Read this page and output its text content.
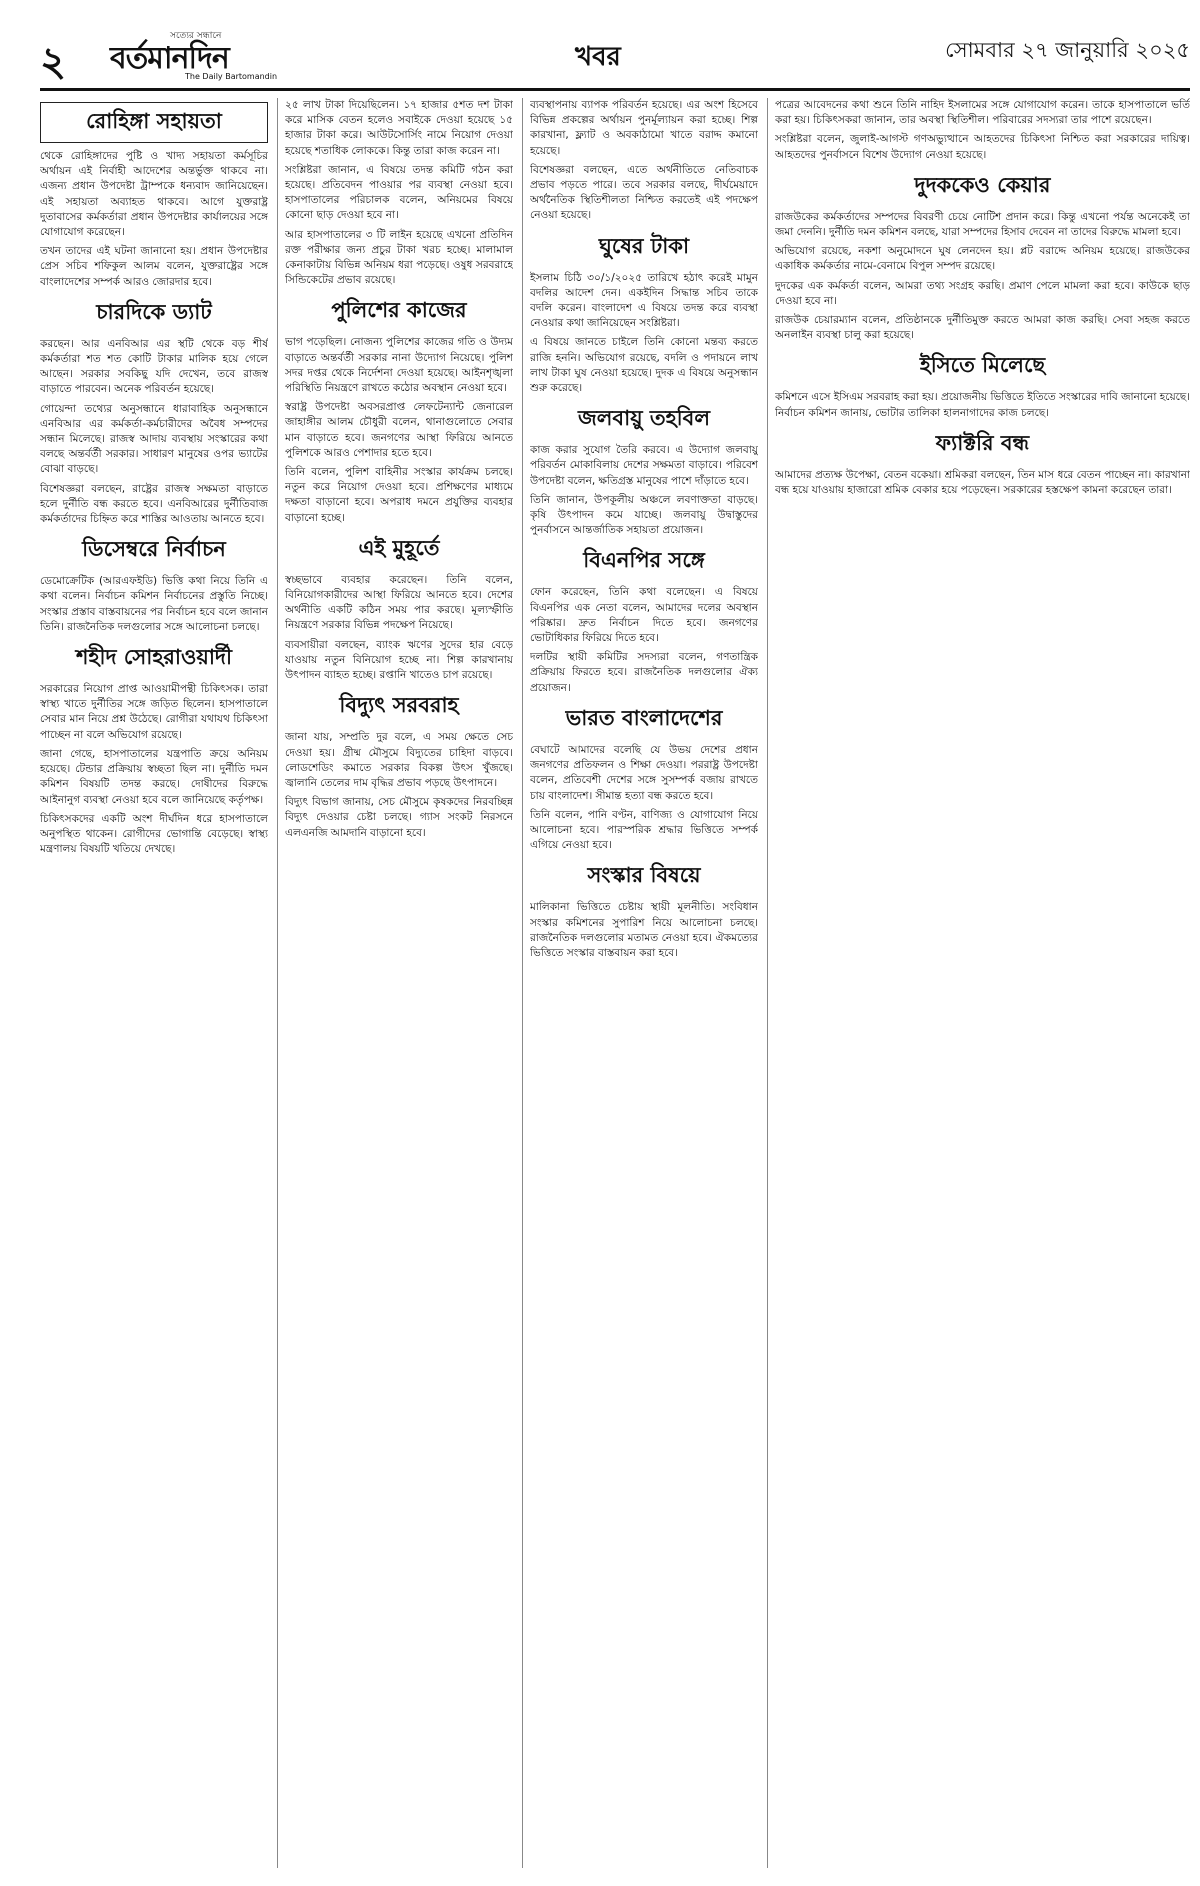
২
সত্যের সন্ধানে
বর্তমানদিন
The Daily Bartomandin
খবর	সোমবার ২৭ জানুয়ারি ২০২৫
রোহিঙ্গা সহায়তা
থেকে রোহিঙ্গাদের পুষ্টি ও খাদ্য সহায়তা কর্মসূচির অর্থায়ন এই নির্বাহী আদেশের অন্তর্ভুক্ত থাকবে না। এজন্য প্রধান উপদেষ্টা ট্রাম্পকে ধন্যবাদ জানিয়েছেন। এই সহায়তা অব্যাহত থাকবে। আগে যুক্তরাষ্ট্র দুতাবাসের কর্মকর্তারা প্রধান উপদেষ্টার কার্যালয়ের সঙ্গে যোগাযোগ করেছেন।
তখন তাদের এই ঘটনা জানানো হয়। প্রধান উপদেষ্টার প্রেস সচিব শফিকুল আলম বলেন, যুক্তরাষ্ট্রের সঙ্গে বাংলাদেশের সম্পর্ক আরও জোরদার হবে।
চারদিকে ড্যাট
করছেন। আর এনবিআর এর স্থটি থেকে বড় শীর্ষ কর্মকর্তারা শত শত কোটি টাকার মালিক হয়ে গেলে আছেন। সরকার সবকিছু যদি দেখেন, তবে রাজস্ব বাড়াতে পারবেন। অনেক পরিবর্তন হয়েছে।
গোয়েন্দা তথ্যের অনুসন্ধানে ধারাবাহিক অনুসন্ধানে এনবিআর এর কর্মকর্তা-কর্মচারীদের অবৈধ সম্পদের সন্ধান মিলেছে। রাজস্ব আদায় ব্যবস্থায় সংস্কারের কথা বলছে অন্তর্বর্তী সরকার। সাধারণ মানুষের ওপর ভ্যাটের বোঝা বাড়ছে।
বিশেষজ্ঞরা বলছেন, রাষ্ট্রের রাজস্ব সক্ষমতা বাড়াতে হলে দুর্নীতি বন্ধ করতে হবে। এনবিআরের দুর্নীতিবাজ কর্মকর্তাদের চিহ্নিত করে শাস্তির আওতায় আনতে হবে।
ডিসেম্বরে নির্বাচন
ডেমোক্রেটিক (আরএফইডি) ভিত্তি কথা নিয়ে তিনি এ কথা বলেন। নির্বাচন কমিশন নির্বাচনের প্রস্তুতি নিচ্ছে। সংস্কার প্রস্তাব বাস্তবায়নের পর নির্বাচন হবে বলে জানান তিনি। রাজনৈতিক দলগুলোর সঙ্গে আলোচনা চলছে।
শহীদ সোহরাওয়ার্দী
সরকারের নিয়োগ প্রাপ্ত আওয়ামীপন্থী চিকিৎসক। তারা স্বাস্থ্য খাতে দুর্নীতির সঙ্গে জড়িত ছিলেন। হাসপাতালে সেবার মান নিয়ে প্রশ্ন উঠেছে। রোগীরা যথাযথ চিকিৎসা পাচ্ছেন না বলে অভিযোগ রয়েছে।
জানা গেছে, হাসপাতালের যন্ত্রপাতি ক্রয়ে অনিয়ম হয়েছে। টেন্ডার প্রক্রিয়ায় স্বচ্ছতা ছিল না। দুর্নীতি দমন কমিশন বিষয়টি তদন্ত করছে। দোষীদের বিরুদ্ধে আইনানুগ ব্যবস্থা নেওয়া হবে বলে জানিয়েছে কর্তৃপক্ষ।
চিকিৎসকদের একটি অংশ দীর্ঘদিন ধরে হাসপাতালে অনুপস্থিত থাকেন। রোগীদের ভোগান্তি বেড়েছে। স্বাস্থ্য মন্ত্রণালয় বিষয়টি খতিয়ে দেখছে।
২৫ লাখ টাকা দিয়েছিলেন। ১৭ হাজার ৫শত দশ টাকা করে মাসিক বেতন হলেও সবাইকে দেওয়া হয়েছে ১৫ হাজার টাকা করে। আউটসোর্সিং নামে নিয়োগ দেওয়া হয়েছে শতাধিক লোককে। কিন্তু তারা কাজ করেন না।
সংশ্লিষ্টরা জানান, এ বিষয়ে তদন্ত কমিটি গঠন করা হয়েছে। প্রতিবেদন পাওয়ার পর ব্যবস্থা নেওয়া হবে। হাসপাতালের পরিচালক বলেন, অনিয়মের বিষয়ে কোনো ছাড় দেওয়া হবে না।
আর হাসপাতালের ৩ টি লাইন হয়েছে এখনো প্রতিদিন রক্ত পরীক্ষার জন্য প্রচুর টাকা খরচ হচ্ছে। মালামাল কেনাকাটায় বিভিন্ন অনিয়ম ধরা পড়েছে। ওষুধ সরবরাহে সিন্ডিকেটের প্রভাব রয়েছে।
পুলিশের কাজের
ভাগ পড়েছিল। নোজন্য পুলিশের কাজের গতি ও উদ্যম বাড়াতে অন্তর্বর্তী সরকার নানা উদ্যোগ নিয়েছে। পুলিশ সদর দপ্তর থেকে নির্দেশনা দেওয়া হয়েছে। আইনশৃঙ্খলা পরিস্থিতি নিয়ন্ত্রণে রাখতে কঠোর অবস্থান নেওয়া হবে।
স্বরাষ্ট্র উপদেষ্টা অবসরপ্রাপ্ত লেফটেন্যান্ট জেনারেল জাহাঙ্গীর আলম চৌধুরী বলেন, থানাগুলোতে সেবার মান বাড়াতে হবে। জনগণের আস্থা ফিরিয়ে আনতে পুলিশকে আরও পেশাদার হতে হবে।
তিনি বলেন, পুলিশ বাহিনীর সংস্কার কার্যক্রম চলছে। নতুন করে নিয়োগ দেওয়া হবে। প্রশিক্ষণের মাধ্যমে দক্ষতা বাড়ানো হবে। অপরাধ দমনে প্রযুক্তির ব্যবহার বাড়ানো হচ্ছে।
এই মুহূর্তে
স্বচ্ছভাবে ব্যবহার করেছেন। তিনি বলেন, বিনিয়োগকারীদের আস্থা ফিরিয়ে আনতে হবে। দেশের অর্থনীতি একটি কঠিন সময় পার করছে। মূল্যস্ফীতি নিয়ন্ত্রণে সরকার বিভিন্ন পদক্ষেপ নিয়েছে।
ব্যবসায়ীরা বলছেন, ব্যাংক ঋণের সুদের হার বেড়ে যাওয়ায় নতুন বিনিয়োগ হচ্ছে না। শিল্প কারখানায় উৎপাদন ব্যাহত হচ্ছে। রপ্তানি খাতেও চাপ রয়েছে।
বিদ্যুৎ সরবরাহ
জানা যায়, সম্প্রতি দুর বলে, এ সময় ক্ষেতে সেচ দেওয়া হয়। গ্রীষ্ম মৌসুমে বিদ্যুতের চাহিদা বাড়বে। লোডশেডিং কমাতে সরকার বিকল্প উৎস খুঁজছে। জ্বালানি তেলের দাম বৃদ্ধির প্রভাব পড়ছে উৎপাদনে।
বিদ্যুৎ বিভাগ জানায়, সেচ মৌসুমে কৃষকদের নিরবচ্ছিন্ন বিদ্যুৎ দেওয়ার চেষ্টা চলছে। গ্যাস সংকট নিরসনে এলএনজি আমদানি বাড়ানো হবে।
ব্যবস্থাপনায় ব্যাপক পরিবর্তন হয়েছে। এর অংশ হিসেবে বিভিন্ন প্রকল্পের অর্থায়ন পুনর্মূল্যায়ন করা হচ্ছে। শিল্প কারখানা, ফ্ল্যাট ও অবকাঠামো খাতে বরাদ্দ কমানো হয়েছে।
বিশেষজ্ঞরা বলছেন, এতে অর্থনীতিতে নেতিবাচক প্রভাব পড়তে পারে। তবে সরকার বলছে, দীর্ঘমেয়াদে অর্থনৈতিক স্থিতিশীলতা নিশ্চিত করতেই এই পদক্ষেপ নেওয়া হয়েছে।
ঘুষের টাকা
ইসলাম চিঠি ৩০/১/২০২৫ তারিখে হঠাৎ করেই মামুন বদলির আদেশ দেন। একইদিন সিদ্ধান্ত সচিব তাকে বদলি করেন। বাংলাদেশ এ বিষয়ে তদন্ত করে ব্যবস্থা নেওয়ার কথা জানিয়েছেন সংশ্লিষ্টরা।
এ বিষয়ে জানতে চাইলে তিনি কোনো মন্তব্য করতে রাজি হননি। অভিযোগ রয়েছে, বদলি ও পদায়নে লাখ লাখ টাকা ঘুষ নেওয়া হয়েছে। দুদক এ বিষয়ে অনুসন্ধান শুরু করেছে।
জলবায়ু তহবিল
কাজ করার সুযোগ তৈরি করবে। এ উদ্যোগ জলবায়ু পরিবর্তন মোকাবিলায় দেশের সক্ষমতা বাড়াবে। পরিবেশ উপদেষ্টা বলেন, ক্ষতিগ্রস্ত মানুষের পাশে দাঁড়াতে হবে।
তিনি জানান, উপকূলীয় অঞ্চলে লবণাক্ততা বাড়ছে। কৃষি উৎপাদন কমে যাচ্ছে। জলবায়ু উদ্বাস্তুদের পুনর্বাসনে আন্তর্জাতিক সহায়তা প্রয়োজন।
বিএনপির সঙ্গে
ফোন করেছেন, তিনি কথা বলেছেন। এ বিষয়ে বিএনপির এক নেতা বলেন, আমাদের দলের অবস্থান পরিষ্কার। দ্রুত নির্বাচন দিতে হবে। জনগণের ভোটাধিকার ফিরিয়ে দিতে হবে।
দলটির স্থায়ী কমিটির সদস্যরা বলেন, গণতান্ত্রিক প্রক্রিয়ায় ফিরতে হবে। রাজনৈতিক দলগুলোর ঐক্য প্রয়োজন।
ভারত বাংলাদেশের
বেঘাটে আমাদের বলেছি যে উভয় দেশের প্রধান জনগণের প্রতিফলন ও শিক্ষা দেওয়া। পররাষ্ট্র উপদেষ্টা বলেন, প্রতিবেশী দেশের সঙ্গে সুসম্পর্ক বজায় রাখতে চায় বাংলাদেশ। সীমান্ত হত্যা বন্ধ করতে হবে।
তিনি বলেন, পানি বণ্টন, বাণিজ্য ও যোগাযোগ নিয়ে আলোচনা হবে। পারস্পরিক শ্রদ্ধার ভিত্তিতে সম্পর্ক এগিয়ে নেওয়া হবে।
সংস্কার বিষয়ে
মালিকানা ভিত্তিতে চেষ্টায় স্থায়ী মূলনীতি। সংবিধান সংস্কার কমিশনের সুপারিশ নিয়ে আলোচনা চলছে। রাজনৈতিক দলগুলোর মতামত নেওয়া হবে। ঐকমত্যের ভিত্তিতে সংস্কার বাস্তবায়ন করা হবে।
পত্রের আবেদনের কথা শুনে তিনি নাহিদ ইসলামের সঙ্গে যোগাযোগ করেন। তাকে হাসপাতালে ভর্তি করা হয়। চিকিৎসকরা জানান, তার অবস্থা স্থিতিশীল। পরিবারের সদস্যরা তার পাশে রয়েছেন।
সংশ্লিষ্টরা বলেন, জুলাই-আগস্ট গণঅভ্যুত্থানে আহতদের চিকিৎসা নিশ্চিত করা সরকারের দায়িত্ব। আহতদের পুনর্বাসনে বিশেষ উদ্যোগ নেওয়া হয়েছে।
দুদককেও কেয়ার
রাজউকের কর্মকর্তাদের সম্পদের বিবরণী চেয়ে নোটিশ প্রদান করে। কিন্তু এখনো পর্যন্ত অনেকেই তা জমা দেননি। দুর্নীতি দমন কমিশন বলছে, যারা সম্পদের হিসাব দেবেন না তাদের বিরুদ্ধে মামলা হবে।
অভিযোগ রয়েছে, নকশা অনুমোদনে ঘুষ লেনদেন হয়। প্লট বরাদ্দে অনিয়ম হয়েছে। রাজউকের একাধিক কর্মকর্তার নামে-বেনামে বিপুল সম্পদ রয়েছে।
দুদকের এক কর্মকর্তা বলেন, আমরা তথ্য সংগ্রহ করছি। প্রমাণ পেলে মামলা করা হবে। কাউকে ছাড় দেওয়া হবে না।
রাজউক চেয়ারম্যান বলেন, প্রতিষ্ঠানকে দুর্নীতিমুক্ত করতে আমরা কাজ করছি। সেবা সহজ করতে অনলাইন ব্যবস্থা চালু করা হয়েছে।
ইসিতে মিলেছে
কমিশনে এসে ইসিএম সরবরাহ করা হয়। প্রয়োজনীয় ভিত্তিতে ইতিতে সংস্কারের দাবি জানানো হয়েছে। নির্বাচন কমিশন জানায়, ভোটার তালিকা হালনাগাদের কাজ চলছে।
ফ্যাক্টরি বন্ধ
আমাদের প্রত্যক্ষ উপেক্ষা, বেতন বকেয়া। শ্রমিকরা বলছেন, তিন মাস ধরে বেতন পাচ্ছেন না। কারখানা বন্ধ হয়ে যাওয়ায় হাজারো শ্রমিক বেকার হয়ে পড়েছেন। সরকারের হস্তক্ষেপ কামনা করেছেন তারা।
